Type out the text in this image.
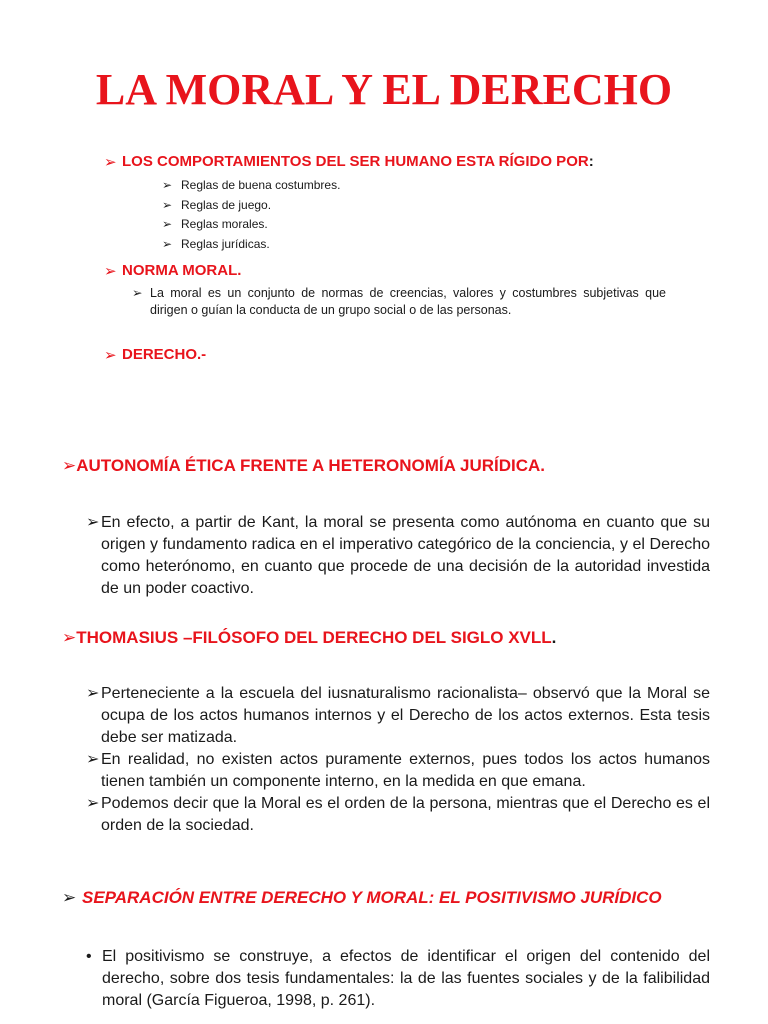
LA MORAL Y EL DERECHO
➢ LOS COMPORTAMIENTOS DEL SER HUMANO ESTA RÍGIDO POR :
➢ Reglas de buena costumbres.
➢ Reglas de juego.
➢ Reglas morales.
➢ Reglas jurídicas.
➢ NORMA MORAL.
➢ La moral es un conjunto de normas de creencias, valores y costumbres subjetivas que dirigen o guían la conducta de un grupo social o de las personas.
➢ DERECHO.-
➢ AUTONOMÍA ÉTICA FRENTE A HETERONOMÍA JURÍDICA.
➢ En efecto, a partir de Kant, la moral se presenta como autónoma en cuanto que su origen y fundamento radica en el imperativo categórico de la conciencia, y el Derecho como heterónomo, en cuanto que procede de una decisión de la autoridad investida de un poder coactivo.
➢ THOMASIUS –FILÓSOFO DEL DERECHO DEL SIGLO XVLL .
➢ Perteneciente a la escuela del iusnaturalismo racionalista– observó que la Moral se ocupa de los actos humanos internos y el Derecho de los actos externos. Esta tesis debe ser matizada.
➢ En realidad, no existen actos puramente externos, pues todos los actos humanos tienen también un componente interno, en la medida en que emana.
➢ Podemos decir que la Moral es el orden de la persona, mientras que el Derecho es el orden de la sociedad.
➢ SEPARACIÓN ENTRE DERECHO Y MORAL: EL POSITIVISMO JURÍDICO
• El positivismo se construye, a efectos de identificar el origen del contenido del derecho, sobre dos tesis fundamentales: la de las fuentes sociales y de la falibilidad moral (García Figueroa, 1998, p. 261).
